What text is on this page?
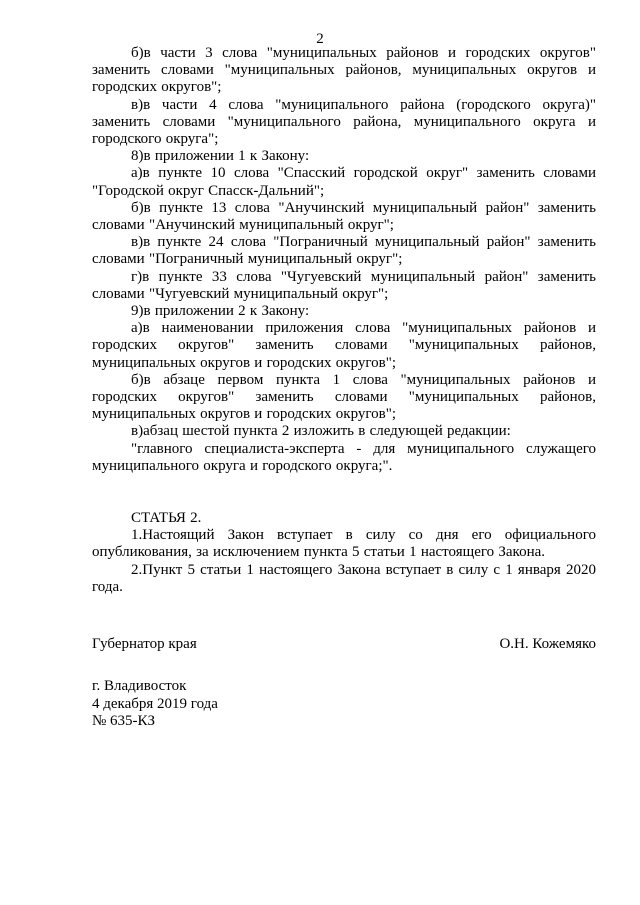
2

б)в части 3 слова "муниципальных районов и городских округов" заменить словами "муниципальных районов, муниципальных округов и городских округов";

в)в части 4 слова "муниципального района (городского округа)" заменить словами "муниципального района, муниципального округа и городского округа";

8)в приложении 1 к Закону:

а)в пункте 10 слова "Спасский городской округ" заменить словами "Городской округ Спасск-Дальний";

б)в пункте 13 слова "Анучинский муниципальный район" заменить словами "Анучинский муниципальный округ";

в)в пункте 24 слова "Пограничный муниципальный район" заменить словами "Пограничный муниципальный округ";

г)в пункте 33 слова "Чугуевский муниципальный район" заменить словами "Чугуевский муниципальный округ";

9)в приложении 2 к Закону:

а)в наименовании приложения слова "муниципальных районов и городских округов" заменить словами "муниципальных районов, муниципальных округов и городских округов";

б)в абзаце первом пункта 1 слова "муниципальных районов и городских округов" заменить словами "муниципальных районов, муниципальных округов и городских округов";

в)абзац шестой пункта 2 изложить в следующей редакции:

"главного специалиста-эксперта - для муниципального служащего муниципального округа и городского округа;".

СТАТЬЯ 2.

1.Настоящий Закон вступает в силу со дня его официального опубликования, за исключением пункта 5 статьи 1 настоящего Закона.

2.Пункт 5 статьи 1 настоящего Закона вступает в силу с 1 января 2020 года.

Губернатор края	О.Н. Кожемяко
г. Владивосток
4 декабря 2019 года
№ 635-КЗ
